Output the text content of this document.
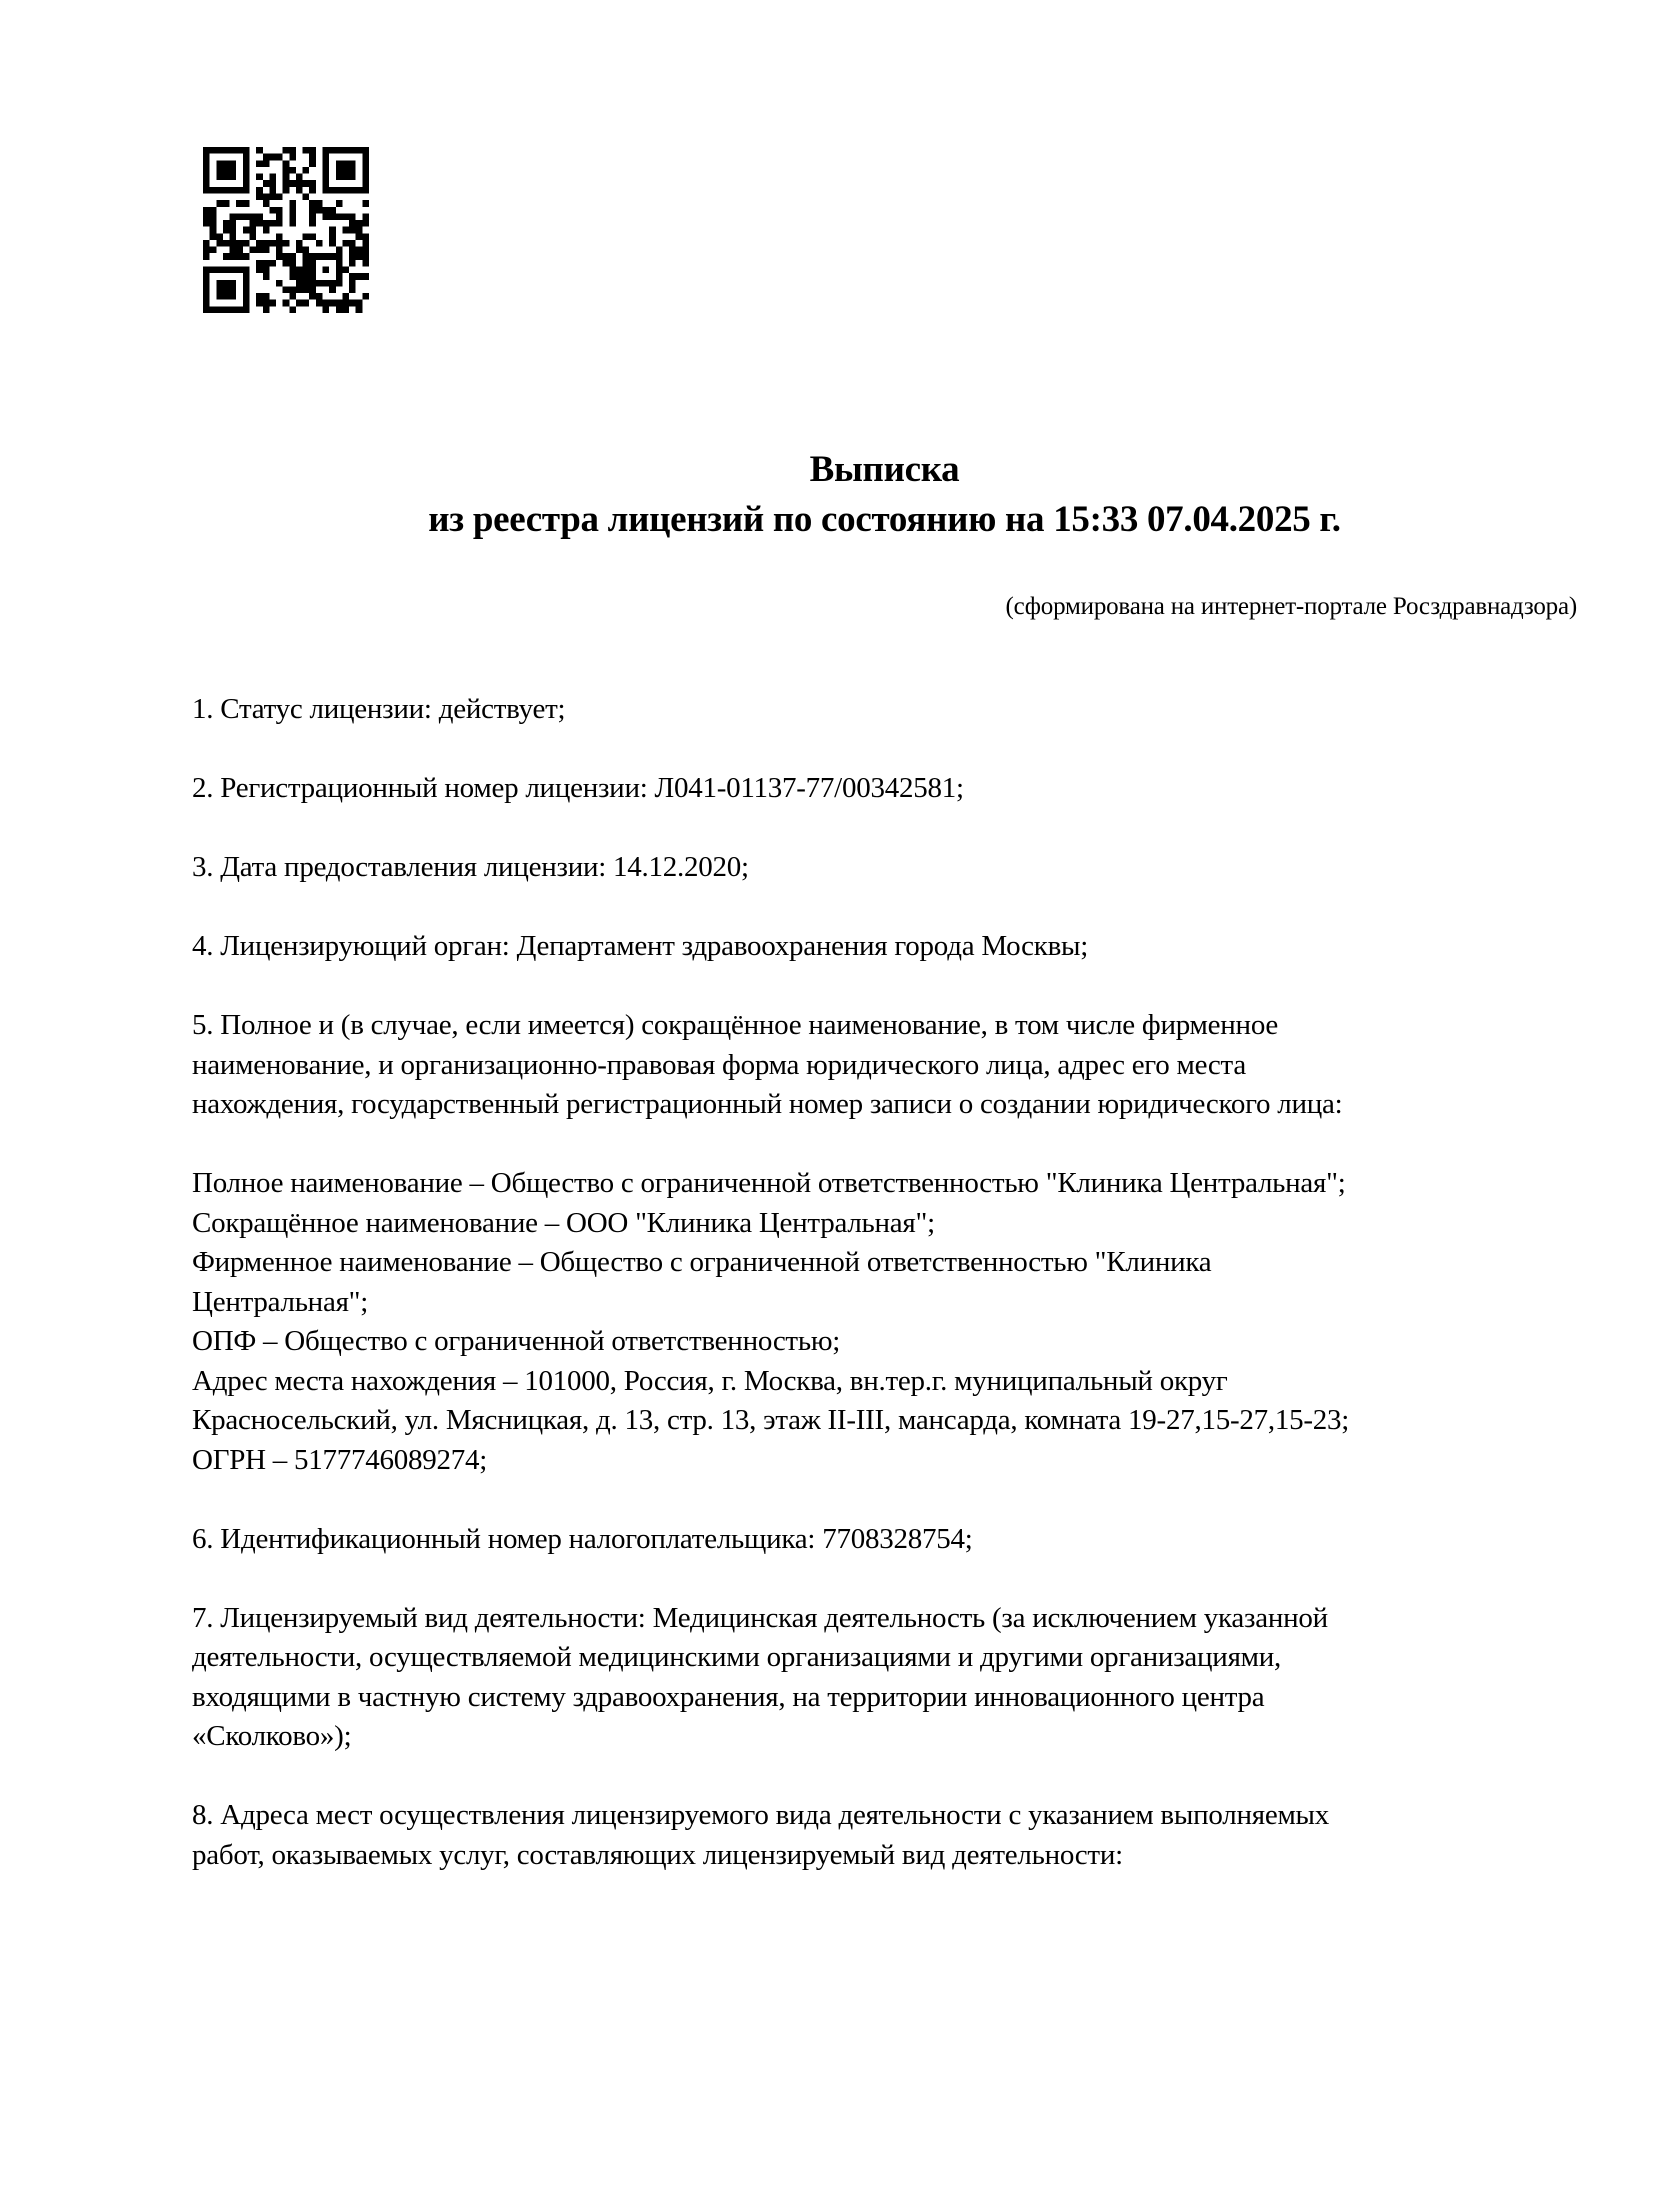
Выписка
из реестра лицензий по состоянию на 15:33 07.04.2025 г.
(сформирована на интернет-портале Росздравнадзора)
1. Статус лицензии: действует;
2. Регистрационный номер лицензии: Л041-01137-77/00342581;
3. Дата предоставления лицензии: 14.12.2020;
4. Лицензирующий орган: Департамент здравоохранения города Москвы;
5. Полное и (в случае, если имеется) сокращённое наименование, в том числе фирменное
наименование, и организационно-правовая форма юридического лица, адрес его места
нахождения, государственный регистрационный номер записи о создании юридического лица:
Полное наименование – Общество с ограниченной ответственностью "Клиника Центральная";
Сокращённое наименование – ООО "Клиника Центральная";
Фирменное наименование – Общество с ограниченной ответственностью "Клиника
Центральная";
ОПФ – Общество с ограниченной ответственностью;
Адрес места нахождения – 101000, Россия, г. Москва, вн.тер.г. муниципальный округ
Красносельский, ул. Мясницкая, д. 13, стр. 13, этаж II-III, мансарда, комната 19-27,15-27,15-23;
ОГРН – 5177746089274;
6. Идентификационный номер налогоплательщика: 7708328754;
7. Лицензируемый вид деятельности: Медицинская деятельность (за исключением указанной
деятельности, осуществляемой медицинскими организациями и другими организациями,
входящими в частную систему здравоохранения, на территории инновационного центра
«Сколково»);
8. Адреса мест осуществления лицензируемого вида деятельности с указанием выполняемых
работ, оказываемых услуг, составляющих лицензируемый вид деятельности:
